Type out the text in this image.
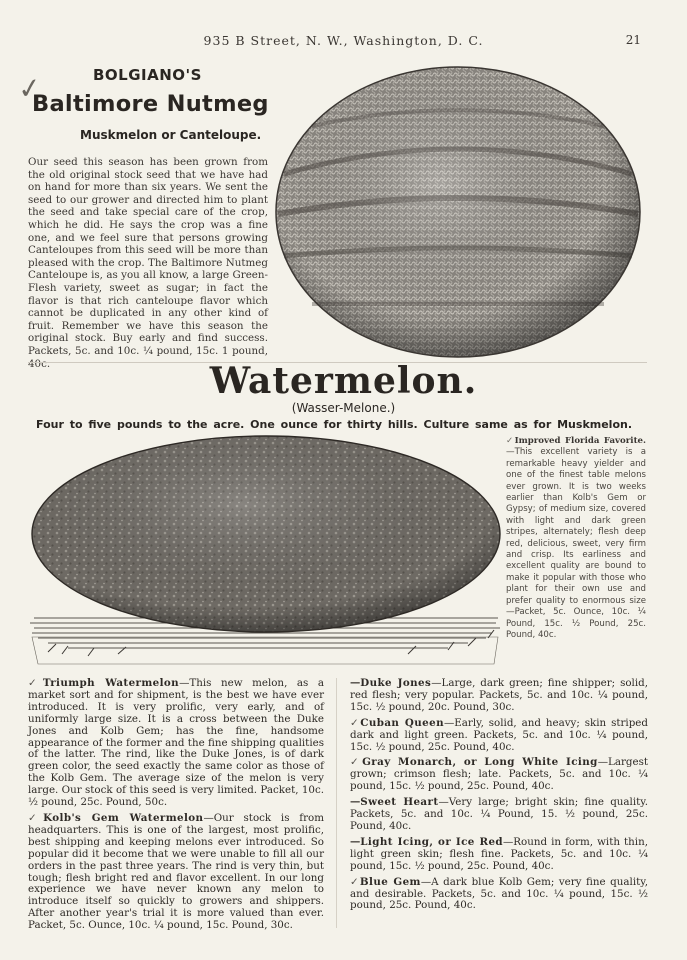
935 B Street, N. W., Washington, D. C.	21
✓	BOLGIANO'S
Baltimore Nutmeg
Muskmelon or Canteloupe.
Our seed this season has been grown from the old original stock seed that we have had on hand for more than six years. We sent the seed to our grower and directed him to plant the seed and take special care of the crop, which he did. He says the crop was a fine one, and we feel sure that persons growing Canteloupes from this seed will be more than pleased with the crop. The Baltimore Nutmeg Canteloupe is, as you all know, a large Green-Flesh variety, sweet as sugar; in fact the flavor is that rich canteloupe flavor which cannot be duplicated in any other kind of fruit. Remember we have this season the original stock. Buy early and find success. Packets, 5c. and 10c. ¼ pound, 15c. 1 pound, 40c.	Watermelon.
(Wasser-Melone.)
Four to five pounds to the acre. One ounce for thirty hills. Culture same as for Muskmelon.
✓Improved Florida Favorite.—This excellent variety is a remarkable heavy yielder and one of the finest table melons ever grown. It is two weeks earlier than Kolb's Gem or Gypsy; of medium size, covered with light and dark green stripes, alternately; flesh deep red, delicious, sweet, very firm and crisp. Its earliness and excellent quality are bound to make it popular with those who plant for their own use and prefer quality to enormous size—Packet, 5c. Ounce, 10c. ¼ Pound, 15c. ½ Pound, 25c. Pound, 40c.

✓Triumph Watermelon—This new melon, as a market sort and for shipment, is the best we have ever introduced. It is very prolific, very early, and of uniformly large size. It is a cross between the Duke Jones and Kolb Gem; has the fine, handsome appearance of the former and the fine shipping qualities of the latter. The rind, like the Duke Jones, is of dark green color, the seed exactly the same color as those of the Kolb Gem. The average size of the melon is very large. Our stock of this seed is very limited. Packet, 10c. ½ pound, 25c. Pound, 50c.

✓Kolb's Gem Watermelon—Our stock is from headquarters. This is one of the largest, most prolific, best shipping and keeping melons ever introduced. So popular did it become that we were unable to fill all our orders in the past three years. The rind is very thin, but tough; flesh bright red and flavor excellent. In our long experience we have never known any melon to introduce itself so quickly to growers and shippers. After another year's trial it is more valued than ever. Packet, 5c. Ounce, 10c. ¼ pound, 15c. Pound, 30c.

—Duke Jones—Large, dark green; fine shipper; solid, red flesh; very popular. Packets, 5c. and 10c. ¼ pound, 15c. ½ pound, 20c. Pound, 30c.

✓Cuban Queen—Early, solid, and heavy; skin striped dark and light green. Packets, 5c. and 10c. ¼ pound, 15c. ½ pound, 25c. Pound, 40c.

✓Gray Monarch, or Long White Icing—Largest grown; crimson flesh; late. Packets, 5c. and 10c. ¼ pound, 15c. ½ pound, 25c. Pound, 40c.

—Sweet Heart—Very large; bright skin; fine quality. Packets, 5c. and 10c. ¼ Pound, 15. ½ pound, 25c. Pound, 40c.

—Light Icing, or Ice Red—Round in form, with thin, light green skin; flesh fine. Packets, 5c. and 10c. ¼ pound, 15c. ½ pound, 25c. Pound, 40c.

✓Blue Gem—A dark blue Kolb Gem; very fine quality, and desirable. Packets, 5c. and 10c. ¼ pound, 15c. ½ pound, 25c. Pound, 40c.
